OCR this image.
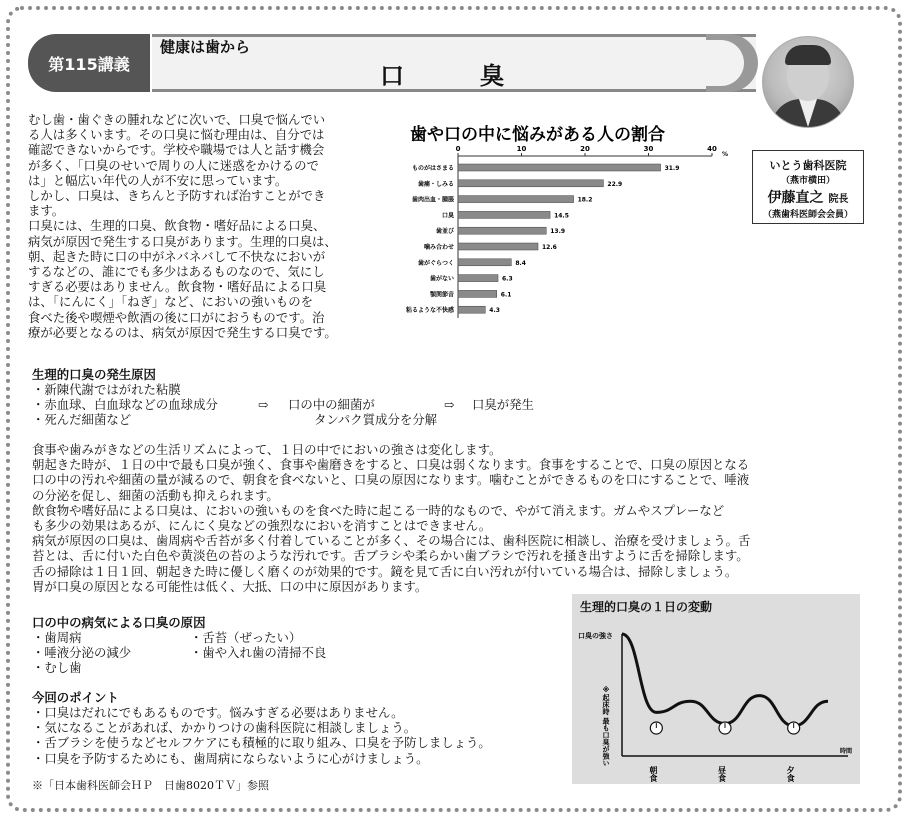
第115講義
健康は歯から
口　臭
いとう歯科医院
（燕市横田）
伊藤直之 院長
（燕歯科医師会会員）
むし歯・歯ぐきの腫れなどに次いで、口臭で悩んでい
る人は多くいます。その口臭に悩む理由は、自分では
確認できないからです。学校や職場では人と話す機会
が多く、「口臭のせいで周りの人に迷惑をかけるので
は」と幅広い年代の人が不安に思っています。
しかし、口臭は、きちんと予防すれば治すことができ
ます。
口臭には、生理的口臭、飲食物・嗜好品による口臭、
病気が原因で発生する口臭があります。生理的口臭は、
朝、起きた時に口の中がネバネバして不快なにおいが
するなどの、誰にでも多少はあるものなので、気にし
すぎる必要はありません。飲食物・嗜好品による口臭
は、「にんにく」「ねぎ」など、においの強いものを
食べた後や喫煙や飲酒の後に口がにおうものです。治
療が必要となるのは、病気が原因で発生する口臭です。
歯や口の中に悩みがある人の割合
0	10	20	30	40
%
ものがはさまる	31.9
歯痛・しみる	22.9
歯肉出血・腫脹	18.2
口臭	14.5
歯並び	13.9
噛み合わせ	12.6
歯がぐらつく	8.4
歯がない	6.3
顎関節音	6.1
粘るような不快感	4.3
生理的口臭の発生原因
・新陳代謝ではがれた粘膜
・赤血球、白血球などの血球成分
・死んだ細菌など
⇨ 口の中の細菌が
タンパク質成分を分解
⇨ 口臭が発生
食事や歯みがきなどの生活リズムによって、１日の中でにおいの強さは変化します。
朝起きた時が、１日の中で最も口臭が強く、食事や歯磨きをすると、口臭は弱くなります。食事をすることで、口臭の原因となる
口の中の汚れや細菌の量が減るので、朝食を食べないと、口臭の原因になります。噛むことができるものを口にすることで、唾液
の分泌を促し、細菌の活動も抑えられます。
飲食物や嗜好品による口臭は、においの強いものを食べた時に起こる一時的なもので、やがて消えます。ガムやスプレーなど
も多少の効果はあるが、にんにく臭などの強烈なにおいを消すことはできません。
病気が原因の口臭は、歯周病や舌苔が多く付着していることが多く、その場合には、歯科医院に相談し、治療を受けましょう。舌
苔とは、舌に付いた白色や黄淡色の苔のような汚れです。舌ブラシや柔らかい歯ブラシで汚れを掻き出すように舌を掃除します。
舌の掃除は１日１回、朝起きた時に優しく磨くのが効果的です。鏡を見て舌に白い汚れが付いている場合は、掃除しましょう。
胃が口臭の原因となる可能性は低く、大抵、口の中に原因があります。
口の中の病気による口臭の原因
・歯周病
・唾液分泌の減少
・むし歯
・舌苔（ぜったい）
・歯や入れ歯の清掃不良
今回のポイント
・口臭はだれにでもあるものです。悩みすぎる必要はありません。
・気になることがあれば、かかりつけの歯科医院に相談しましょう。
・舌ブラシを使うなどセルフケアにも積極的に取り組み、口臭を予防しましょう。
・口臭を予防するためにも、歯周病にならないように心がけましょう。
※「日本歯科医師会ＨＰ　日歯8020ＴＶ」参照
生理的口臭の１日の変動
口臭の強さ
※起床時 最も口臭が強い	時間
朝食	昼食	夕食
